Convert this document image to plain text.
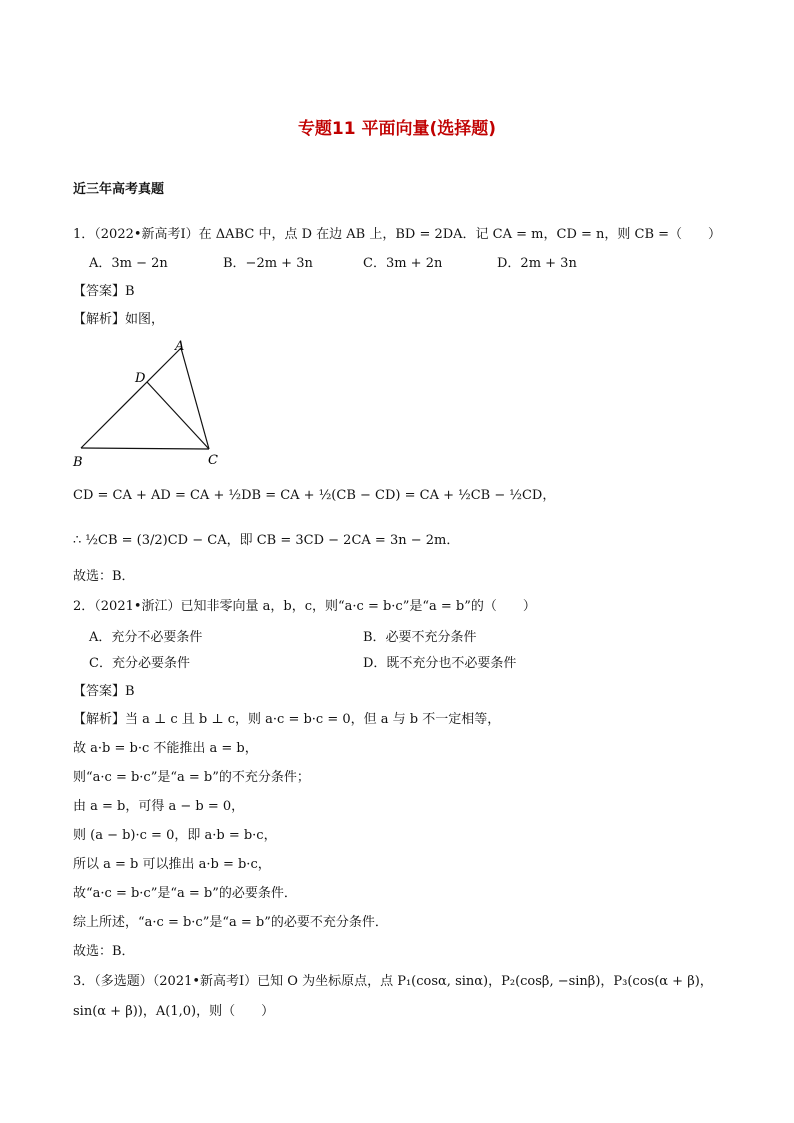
专题11 平面向量(选择题)
近三年高考真题
1．（2022•新高考Ⅰ）在 ΔABC 中，点 D 在边 AB 上，BD = 2DA．记 CA = m，CD = n，则 CB =（　　）
A．3m − 2n	B．−2m + 3n	C．3m + 2n	D．2m + 3n
【答案】B
【解析】如图，
A
D
B	C
CD = CA + AD = CA + ½DB = CA + ½(CB − CD) = CA + ½CB − ½CD，
∴ ½CB = (3/2)CD − CA，即 CB = 3CD − 2CA = 3n − 2m．
故选：B．
2．（2021•浙江）已知非零向量 a，b，c，则“a·c = b·c”是“a = b”的（　　）
A．充分不必要条件	B．必要不充分条件
C．充分必要条件	D．既不充分也不必要条件
【答案】B
【解析】当 a ⊥ c 且 b ⊥ c，则 a·c = b·c = 0，但 a 与 b 不一定相等，
故 a·b = b·c 不能推出 a = b，
则“a·c = b·c”是“a = b”的不充分条件；
由 a = b，可得 a − b = 0，
则 (a − b)·c = 0，即 a·b = b·c，
所以 a = b 可以推出 a·b = b·c，
故“a·c = b·c”是“a = b”的必要条件．
综上所述，“a·c = b·c”是“a = b”的必要不充分条件．
故选：B．
3．（多选题）（2021•新高考Ⅰ）已知 O 为坐标原点，点 P₁(cosα, sinα)，P₂(cosβ, −sinβ)，P₃(cos(α + β)，
sin(α + β))，A(1,0)，则（　　）
